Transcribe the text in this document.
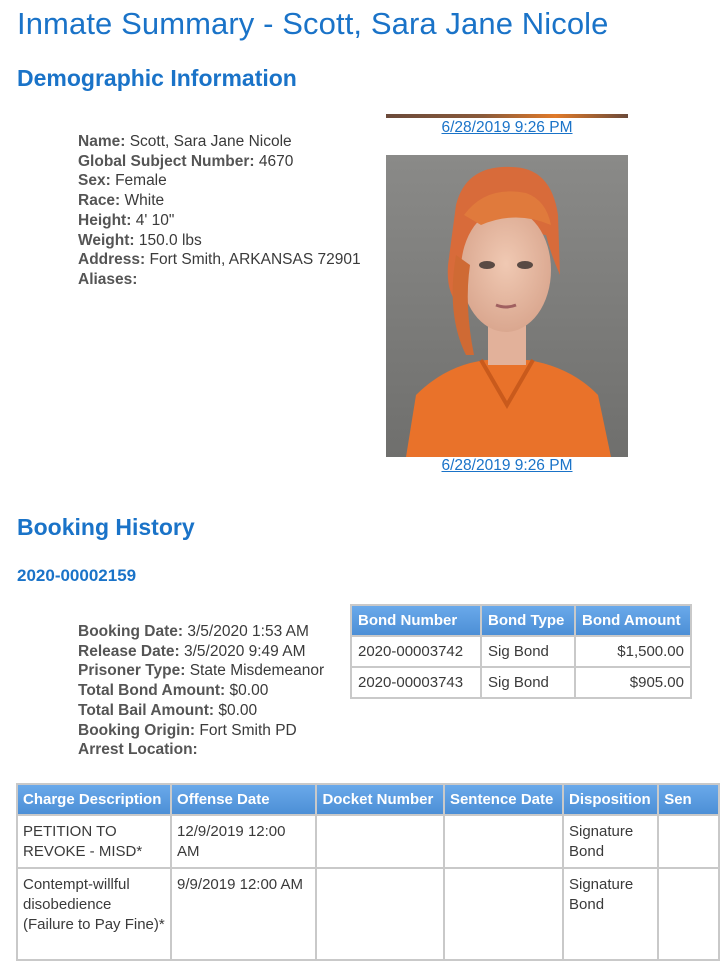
Inmate Summary - Scott, Sara Jane Nicole
Demographic Information
Name: Scott, Sara Jane Nicole
Global Subject Number: 4670
Sex: Female
Race: White
Height: 4' 10"
Weight: 150.0 lbs
Address: Fort Smith, ARKANSAS 72901
Aliases:
6/28/2019 9:26 PM
6/28/2019 9:26 PM
Booking History
2020-00002159
Booking Date: 3/5/2020 1:53 AM
Release Date: 3/5/2020 9:49 AM
Prisoner Type: State Misdemeanor
Total Bond Amount: $0.00
Total Bail Amount: $0.00
Booking Origin: Fort Smith PD
Arrest Location:
Bond Number	Bond Type	Bond Amount
2020-00003742	Sig Bond	$1,500.00
2020-00003743	Sig Bond	$905.00
Charge Description	Offense Date	Docket Number	Sentence Date	Disposition	Sen
PETITION TO REVOKE - MISD*	12/9/2019 12:00 AM			Signature Bond	
Contempt-willful disobedience (Failure to Pay Fine)*	9/9/2019 12:00 AM			Signature Bond	
